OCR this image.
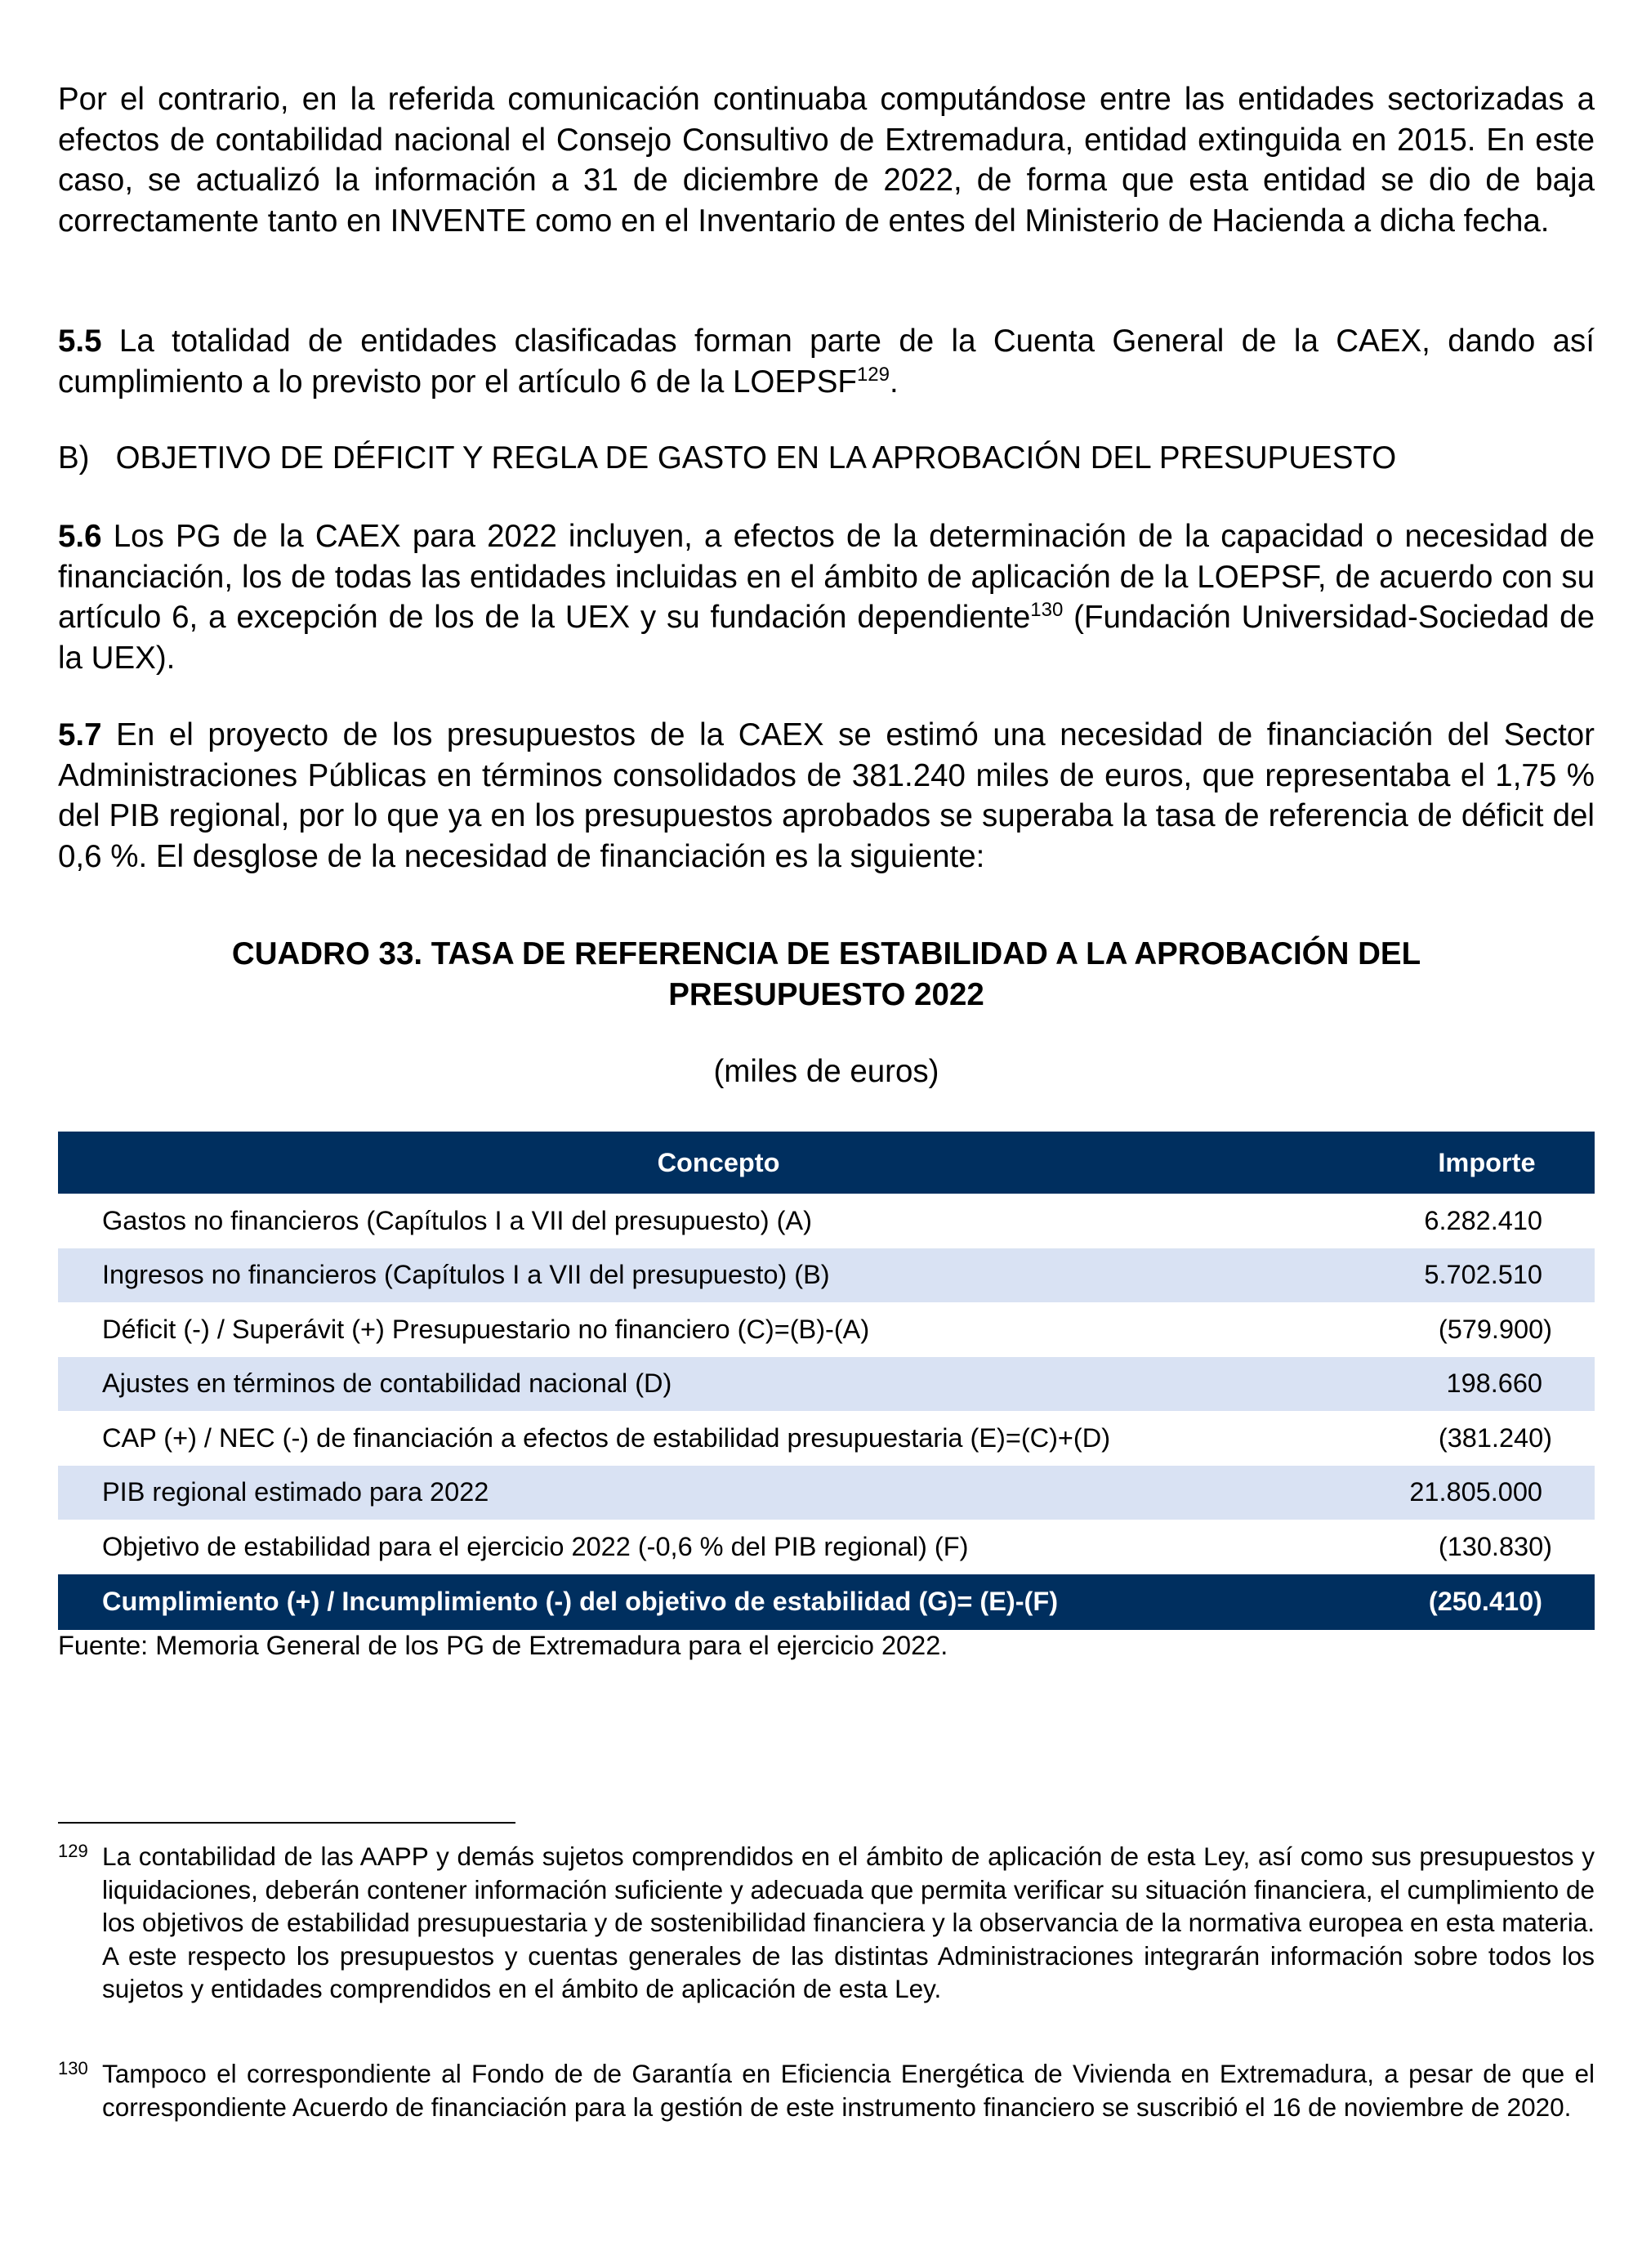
Por el contrario, en la referida comunicación continuaba computándose entre las entidades sectorizadas a efectos de contabilidad nacional el Consejo Consultivo de Extremadura, entidad extinguida en 2015. En este caso, se actualizó la información a 31 de diciembre de 2022, de forma que esta entidad se dio de baja correctamente tanto en INVENTE como en el Inventario de entes del Ministerio de Hacienda a dicha fecha.

5.5 La totalidad de entidades clasificadas forman parte de la Cuenta General de la CAEX, dando así cumplimiento a lo previsto por el artículo 6 de la LOEPSF$^{129}$.

B)   OBJETIVO DE DÉFICIT Y REGLA DE GASTO EN LA APROBACIÓN DEL PRESUPUESTO

5.6 Los PG de la CAEX para 2022 incluyen, a efectos de la determinación de la capacidad o necesidad de financiación, los de todas las entidades incluidas en el ámbito de aplicación de la LOEPSF, de acuerdo con su artículo 6, a excepción de los de la UEX y su fundación dependiente$^{130}$ (Fundación Universidad-Sociedad de la UEX).

5.7 En el proyecto de los presupuestos de la CAEX se estimó una necesidad de financiación del Sector Administraciones Públicas en términos consolidados de 381.240 miles de euros, que representaba el 1,75 % del PIB regional, por lo que ya en los presupuestos aprobados se superaba la tasa de referencia de déficit del 0,6 %. El desglose de la necesidad de financiación es la siguiente:

CUADRO 33. TASA DE REFERENCIA DE ESTABILIDAD A LA APROBACIÓN DEL
PRESUPUESTO 2022
(miles de euros)
Concepto	Importe
Gastos no financieros (Capítulos I a VII del presupuesto) (A)	6.282.410
Ingresos no financieros (Capítulos I a VII del presupuesto) (B)	5.702.510
Déficit (-) / Superávit (+) Presupuestario no financiero (C)=(B)-(A)	(579.900)
Ajustes en términos de contabilidad nacional (D)	198.660
CAP (+) / NEC (-) de financiación a efectos de estabilidad presupuestaria (E)=(C)+(D)	(381.240)
PIB regional estimado para 2022	21.805.000
Objetivo de estabilidad para el ejercicio 2022 (-0,6 % del PIB regional) (F)	(130.830)
Cumplimiento (+) / Incumplimiento (-) del objetivo de estabilidad (G)= (E)-(F)	(250.410)
Fuente: Memoria General de los PG de Extremadura para el ejercicio 2022.
129 La contabilidad de las AAPP y demás sujetos comprendidos en el ámbito de aplicación de esta Ley, así como sus presupuestos y liquidaciones, deberán contener información suficiente y adecuada que permita verificar su situación financiera, el cumplimiento de los objetivos de estabilidad presupuestaria y de sostenibilidad financiera y la observancia de la normativa europea en esta materia. A este respecto los presupuestos y cuentas generales de las distintas Administraciones integrarán información sobre todos los sujetos y entidades comprendidos en el ámbito de aplicación de esta Ley.
130 Tampoco el correspondiente al Fondo de de Garantía en Eficiencia Energética de Vivienda en Extremadura, a pesar de que el correspondiente Acuerdo de financiación para la gestión de este instrumento financiero se suscribió el 16 de noviembre de 2020.
